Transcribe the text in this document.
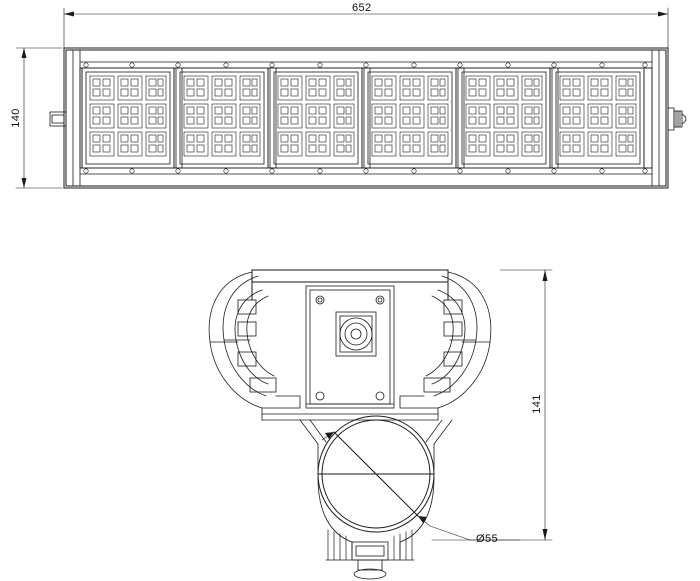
652
140
141
Ø55
